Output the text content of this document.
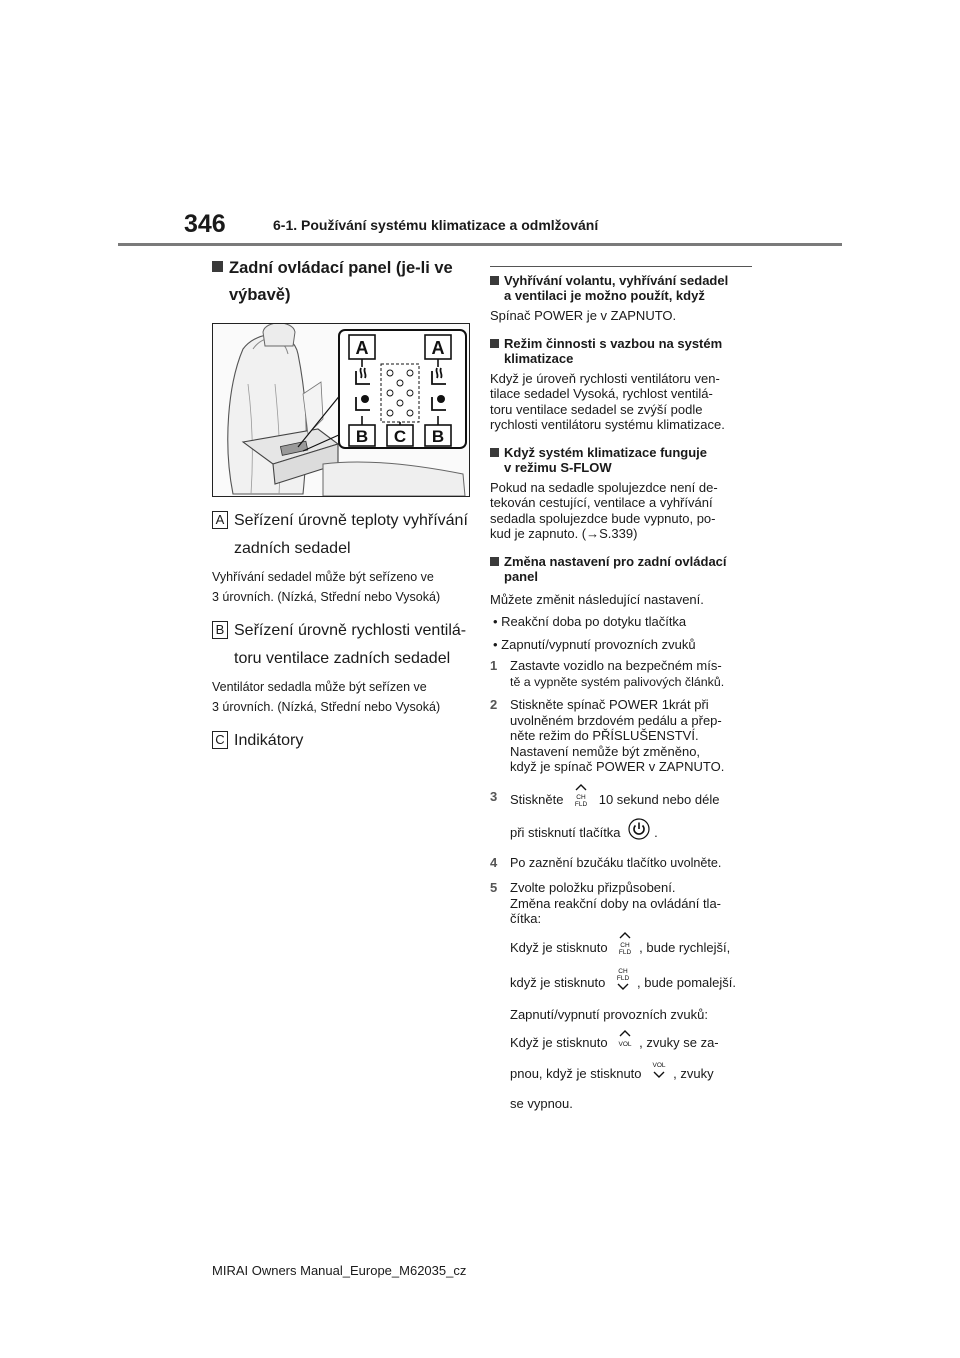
346	6-1. Používání systému klimatizace a odmlžování
Zadní ovládací panel (je-li ve
výbavě)
A	A
B C B
A Seřízení úrovně teploty vyhřívání
zadních sedadel
Vyhřívání sedadel může být seřízeno ve
3 úrovních. (Nízká, Střední nebo Vysoká)
B Seřízení úrovně rychlosti ventilá-
toru ventilace zadních sedadel
Ventilátor sedadla může být seřízen ve
3 úrovních. (Nízká, Střední nebo Vysoká)
C Indikátory
Vyhřívání volantu, vyhřívání sedadel
a ventilaci je možno použít, když
Spínač POWER je v ZAPNUTO.
Režim činnosti s vazbou na systém
klimatizace
Když je úroveň rychlosti ventilátoru ven-
tilace sedadel Vysoká, rychlost ventilá-
toru ventilace sedadel se zvýší podle
rychlosti ventilátoru systému klimatizace.
Když systém klimatizace funguje
v režimu S-FLOW
Pokud na sedadle spolujezdce není de-
tekován cestující, ventilace a vyhřívání
sedadla spolujezdce bude vypnuto, po-
kud je zapnuto. (→S.339)
Změna nastavení pro zadní ovládací
panel
Můžete změnit následující nastavení.
• Reakční doba po dotyku tlačítka
• Zapnutí/vypnutí provozních zvuků
1 Zastavte vozidlo na bezpečném mís-
tě a vypněte systém palivových článků.
2 Stiskněte spínač POWER 1krát při
uvolněném brzdovém pedálu a přep-
něte režim do PŘÍSLUŠENSTVÍ.
Nastavení nemůže být změněno,
když je spínač POWER v ZAPNUTO.
3 Stiskněte CH
FLD 10 sekund nebo déle
při stisknutí tlačítka	.
4 Po zaznění bzučáku tlačítko uvolněte.
5 Zvolte položku přizpůsobení.
Změna reakční doby na ovládání tla-
čítka:
Když je stisknuto CH
FLD , bude rychlejší,
když je stisknuto
CH
FLD , bude pomalejší.
Zapnutí/vypnutí provozních zvuků:
Když je stisknuto VOL , zvuky se za-
pnou, když je stisknuto
VOL
, zvuky
se vypnou.
MIRAI Owners Manual_Europe_M62035_cz
